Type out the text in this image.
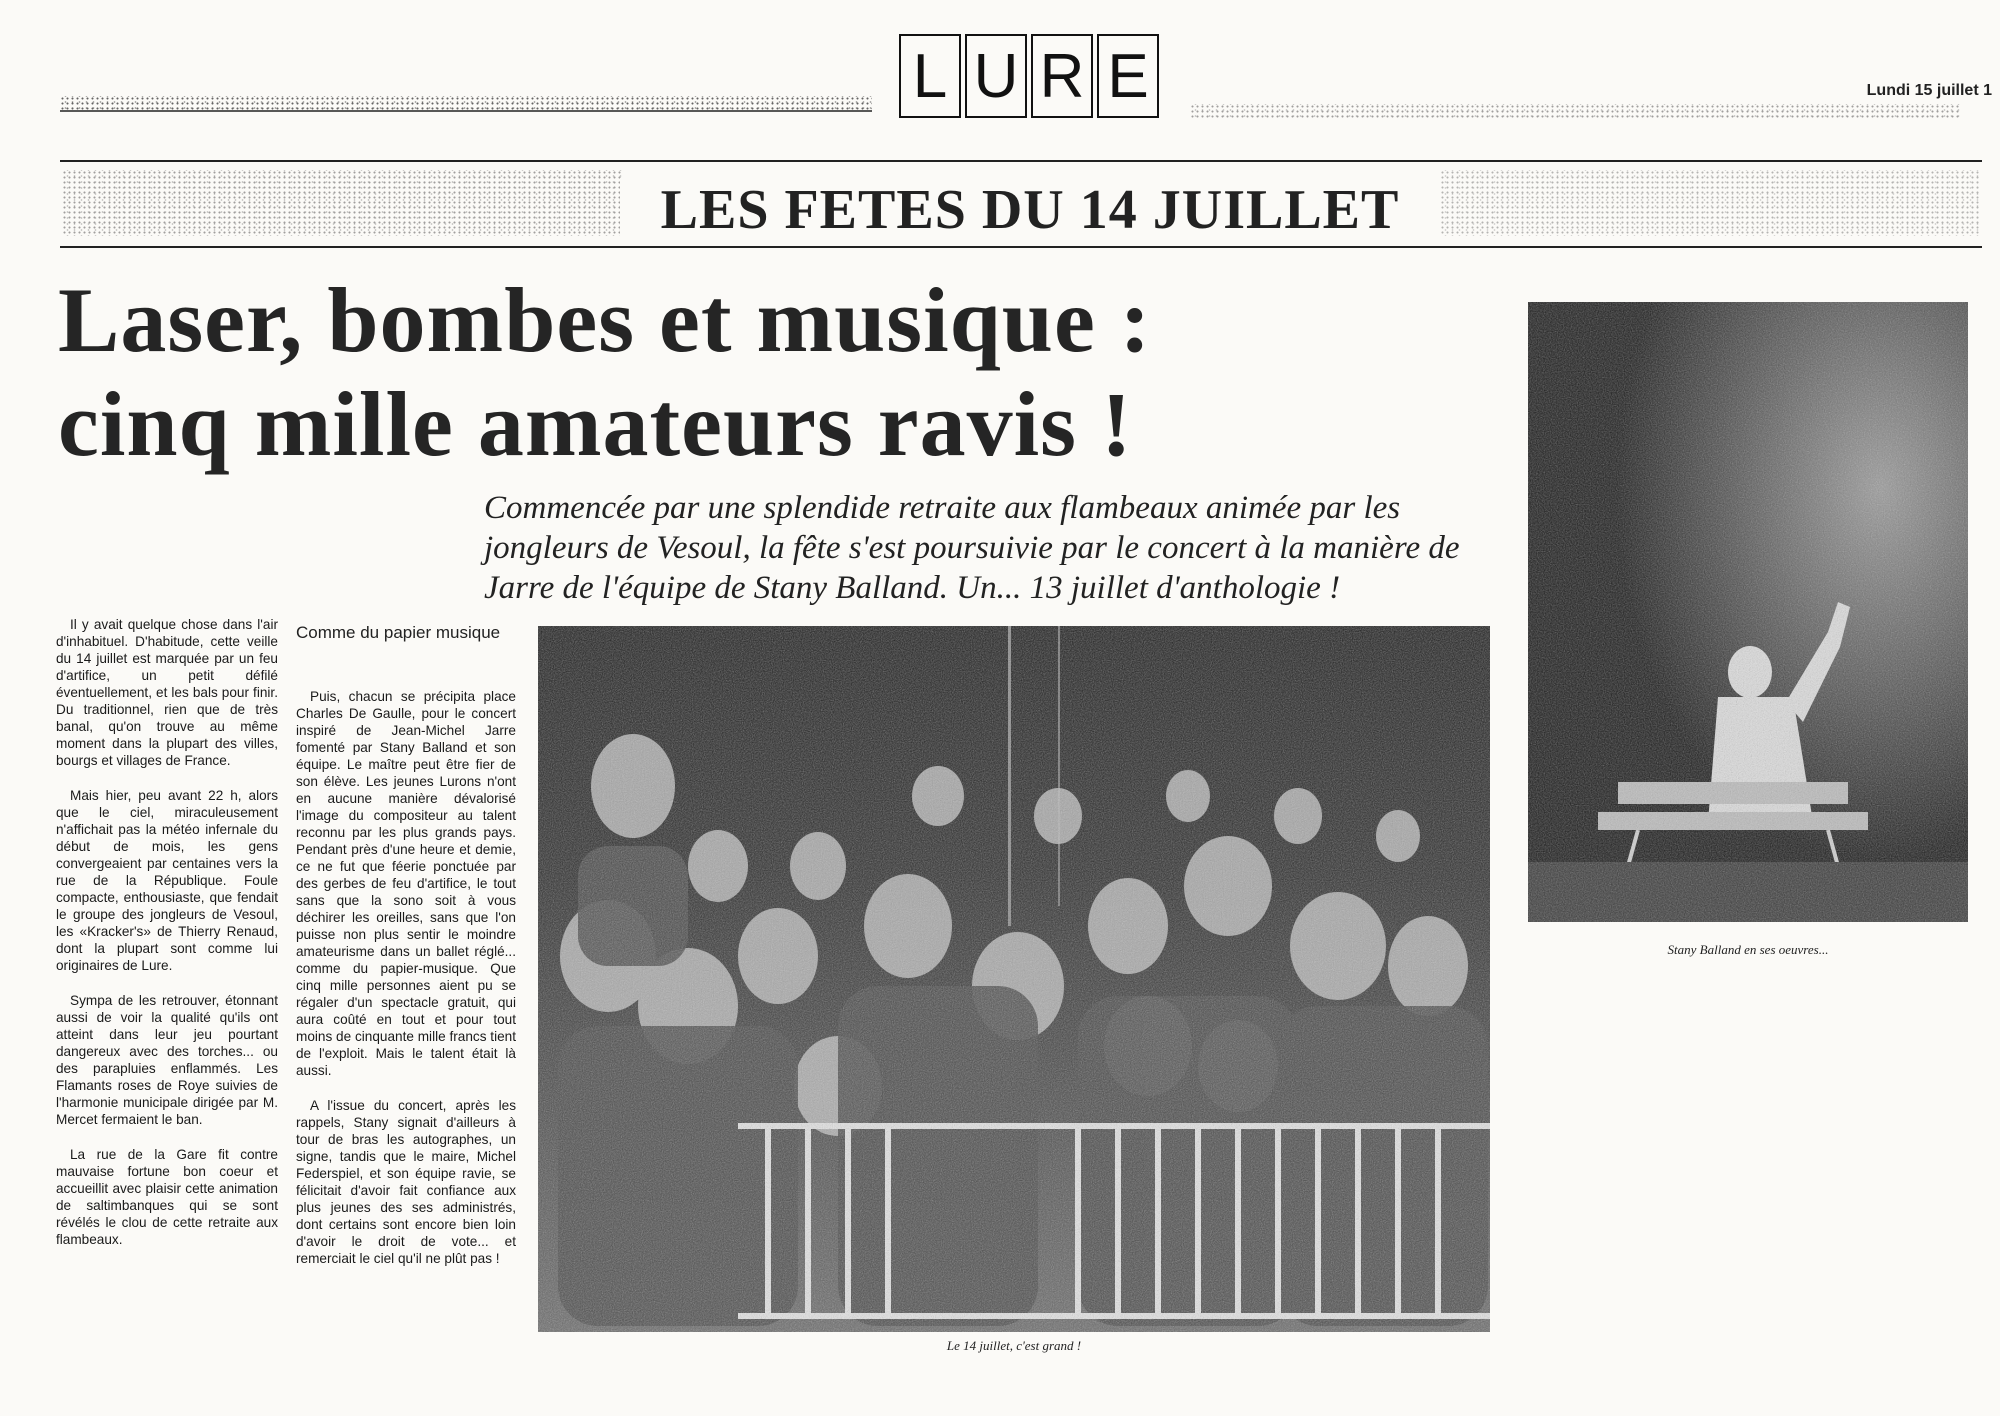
L U R E	Lundi 15 juillet 1
LES FETES DU 14 JUILLET
Laser, bombes et musique :
cinq mille amateurs ravis !
Commencée par une splendide retraite aux flambeaux animée par les jongleurs de Vesoul, la fête s'est poursuivie par le concert à la manière de Jarre de l'équipe de Stany Balland. Un... 13 juillet d'anthologie !

Il y avait quelque chose dans l'air d'inhabituel. D'habitude, cette veille du 14 juillet est marquée par un feu d'artifice, un petit défilé éventuellement, et les bals pour finir. Du traditionnel, rien que de très banal, qu'on trouve au même moment dans la plupart des villes, bourgs et villages de France.

Mais hier, peu avant 22 h, alors que le ciel, miraculeusement n'affichait pas la météo infernale du début de mois, les gens convergeaient par centaines vers la rue de la République. Foule compacte, enthousiaste, que fendait le groupe des jongleurs de Vesoul, les «Kracker's» de Thierry Renaud, dont la plupart sont comme lui originaires de Lure.

Sympa de les retrouver, étonnant aussi de voir la qualité qu'ils ont atteint dans leur jeu pourtant dangereux avec des torches... ou des parapluies enflammés. Les Flamants roses de Roye suivies de l'harmonie municipale dirigée par M. Mercet fermaient le ban.

La rue de la Gare fit contre mauvaise fortune bon coeur et accueillit avec plaisir cette animation de saltimbanques qui se sont révélés le clou de cette retraite aux flambeaux.

Comme du papier musique

Puis, chacun se précipita place Charles De Gaulle, pour le concert inspiré de Jean-Michel Jarre fomenté par Stany Balland et son équipe. Le maître peut être fier de son élève. Les jeunes Lurons n'ont en aucune manière dévalorisé l'image du compositeur au talent reconnu par les plus grands pays. Pendant près d'une heure et demie, ce ne fut que féerie ponctuée par des gerbes de feu d'artifice, le tout sans que la sono soit à vous déchirer les oreilles, sans que l'on puisse non plus sentir le moindre amateurisme dans un ballet réglé... comme du papier-musique. Que cinq mille personnes aient pu se régaler d'un spectacle gratuit, qui aura coûté en tout et pour tout moins de cinquante mille francs tient de l'exploit. Mais le talent était là aussi.

A l'issue du concert, après les rappels, Stany signait d'ailleurs à tour de bras les autographes, un signe, tandis que le maire, Michel Federspiel, et son équipe ravie, se félicitait d'avoir fait confiance aux plus jeunes des ses administrés, dont certains sont encore bien loin d'avoir le droit de vote... et remerciait le ciel qu'il ne plût pas !

Le 14 juillet, c'est grand !
Stany Balland en ses oeuvres...
